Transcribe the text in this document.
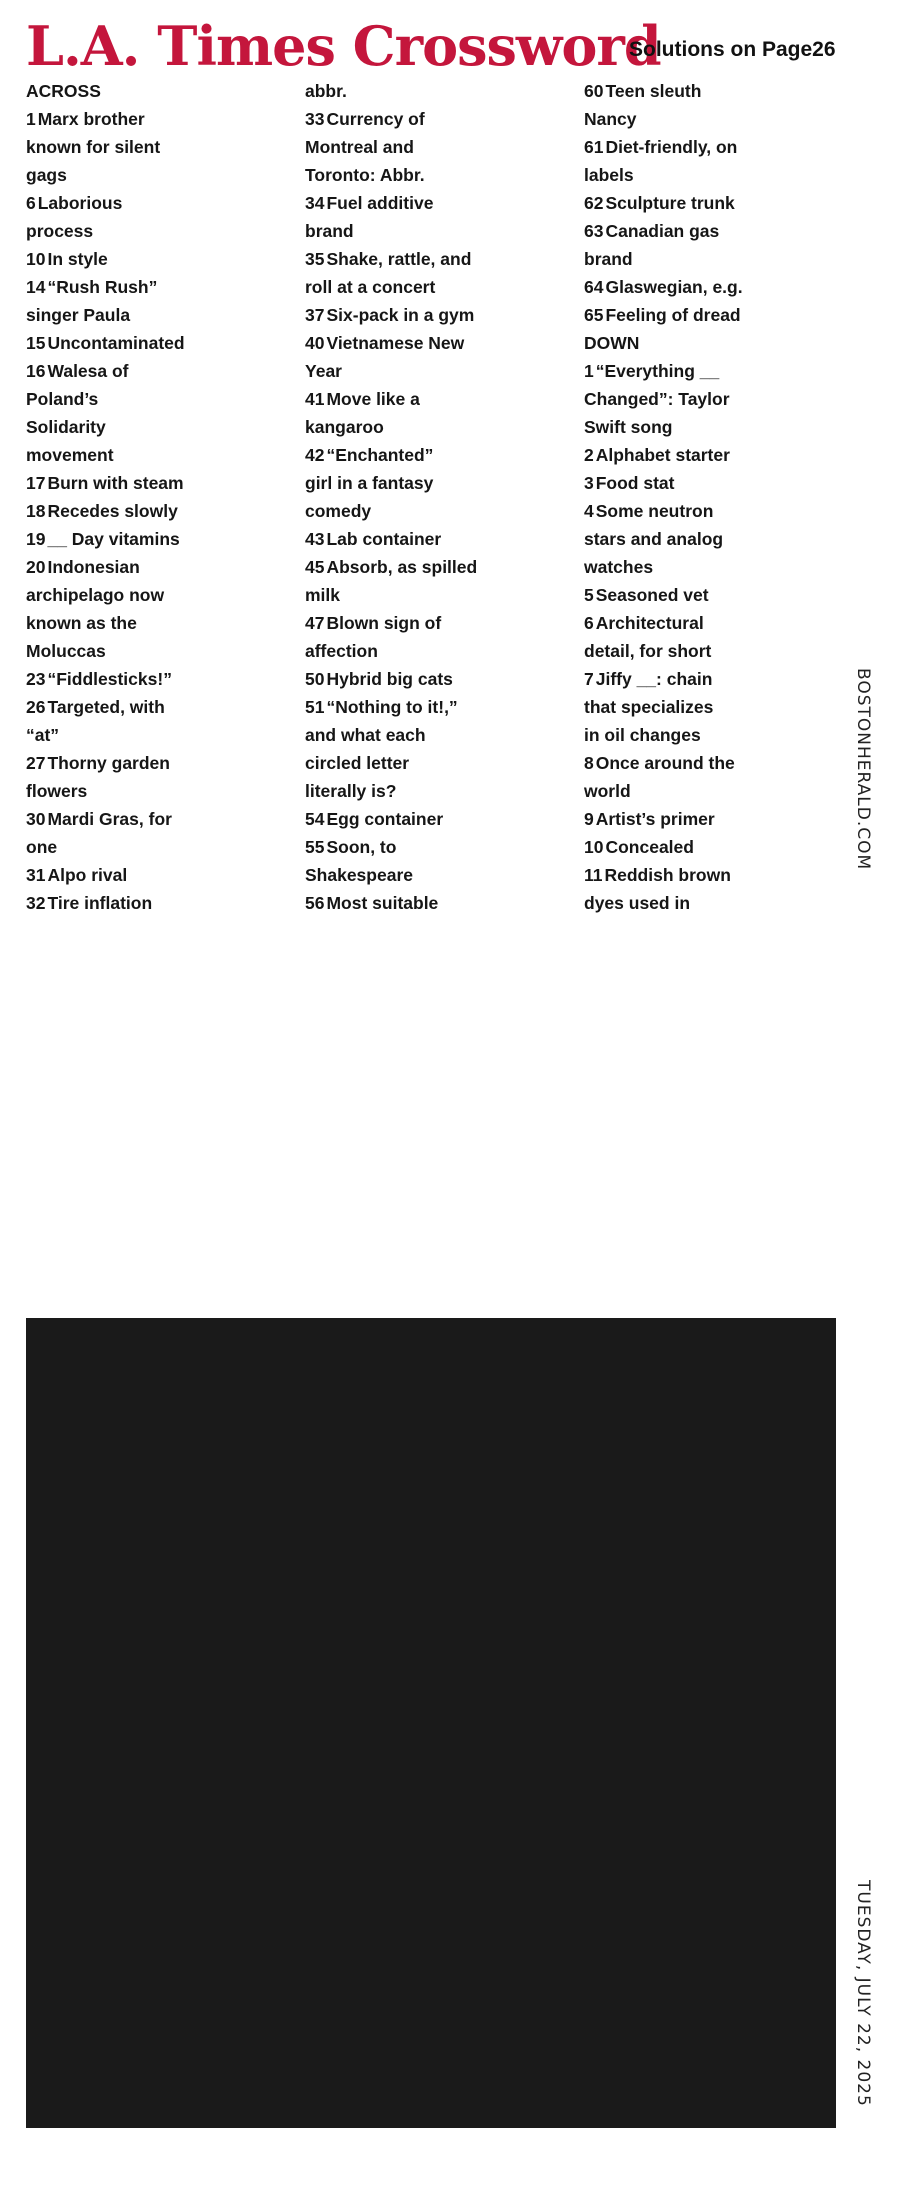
L.A. Times Crossword
Solutions on Page26
ACROSS
1 Marx brother
known for silent
gags
6 Laborious
process
10 In style
14 “Rush Rush”
singer Paula
15 Uncontaminated
16 Walesa of
Poland’s
Solidarity
movement
17 Burn with steam
18 Recedes slowly
19 __ Day vitamins
20 Indonesian
archipelago now
known as the
Moluccas
23 “Fiddlesticks!”
26 Targeted, with
“at”
27 Thorny garden
flowers
30 Mardi Gras, for
one
31 Alpo rival
32 Tire inflation
abbr.
33 Currency of
Montreal and
Toronto: Abbr.
34 Fuel additive
brand
35 Shake, rattle, and
roll at a concert
37 Six-pack in a gym
40 Vietnamese New
Year
41 Move like a
kangaroo
42 “Enchanted”
girl in a fantasy
comedy
43 Lab container
45 Absorb, as spilled
milk
47 Blown sign of
affection
50 Hybrid big cats
51 “Nothing to it!,”
and what each
circled letter
literally is?
54 Egg container
55 Soon, to
Shakespeare
56 Most suitable
60 Teen sleuth
Nancy
61 Diet-friendly, on
labels
62 Sculpture trunk
63 Canadian gas
brand
64 Glaswegian, e.g.
65 Feeling of dread
DOWN
1 “Everything __
Changed”: Taylor
Swift song
2 Alphabet starter
3 Food stat
4 Some neutron
stars and analog
watches
5 Seasoned vet
6 Architectural
detail, for short
7 Jiffy __: chain
that specializes
in oil changes
8 Once around the
world
9 Artist’s primer
10 Concealed
11 Reddish brown
dyes used in
BOSTONHERALD.COM
TUESDAY, JULY 22, 2025
